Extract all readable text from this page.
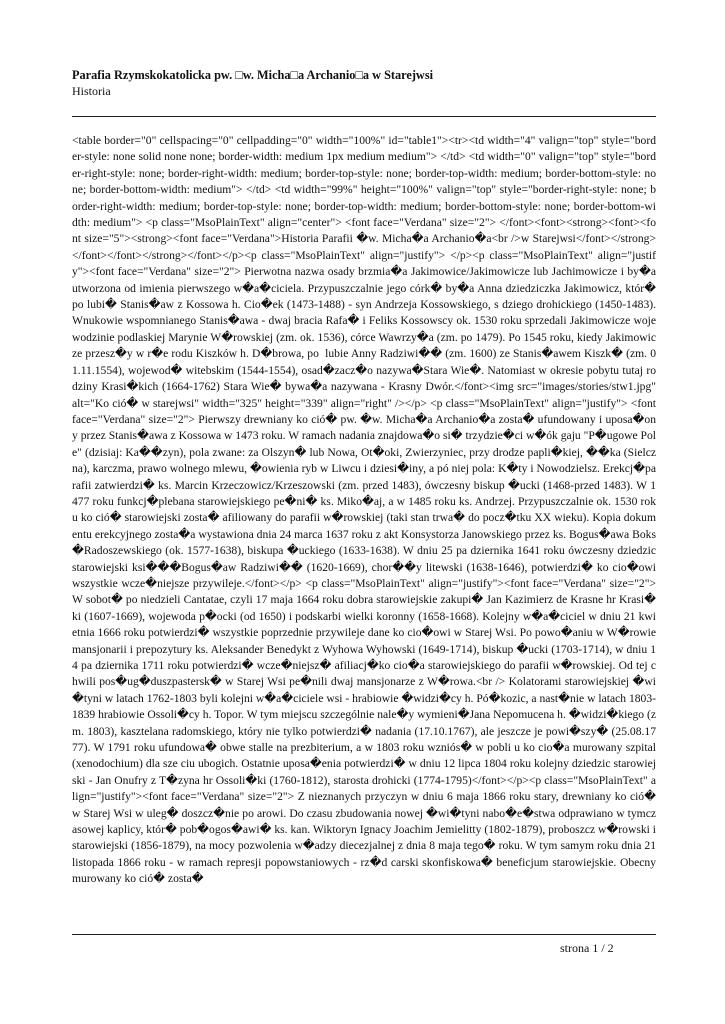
Parafia Rzymskokatolicka pw. □w. Micha□a Archanio□a w Starejwsi
Historia
<table border="0" cellspacing="0" cellpadding="0" width="100%" id="table1"><tr><td width="4" valign="top" style="border-style: none solid none none; border-width: medium 1px medium medium"> </td> <td width="0" valign="top" style="border-right-style: none; border-right-width: medium; border-top-style: none; border-top-width: medium; border-bottom-style: none; border-bottom-width: medium"> </td> <td width="99%" height="100%" valign="top" style="border-right-style: none; border-right-width: medium; border-top-style: none; border-top-width: medium; border-bottom-style: none; border-bottom-width: medium"> <p class="MsoPlainText" align="center"> <font face="Verdana" size="2"> </font><font><strong><font><font size="5"><strong><font face="Verdana">Historia Parafii �w. Micha�a Archanio�a<br />w Starejwsi</font></strong></font></font></strong></font></p><p class="MsoPlainText" align="justify"> </p><p class="MsoPlainText" align="justify"><font face="Verdana" size="2"> Pierwotna nazwa osady brzmia�a Jakimowice/Jakimowicze lub Jachimowicze i by�a utworzona od imienia pierwszego w�a�ciciela. Przypuszczalnie jego córk� by�a Anna dziedziczka Jakimowicz, któr� po lubi� Stanis�aw z Kossowa h. Cio�ek (1473-1488) - syn Andrzeja Kossowskiego, s dziego drohickiego (1450-1483). Wnukowie wspomnianego Stanis�awa - dwaj bracia Rafa� i Feliks Kossowscy ok. 1530 roku sprzedali Jakimowicze wojewodzinie podlaskiej Marynie W�rowskiej (zm. ok. 1536), córce Wawrzy�a (zm. po 1479). Po 1545 roku, kiedy Jakimowicze przesz�y w r�e rodu Kiszków h. D�browa, po  lubie Anny Radziwi�� (zm. 1600) ze Stanis�awem Kiszk� (zm. 01.11.1554), wojewod� witebskim (1544-1554), osad�zacz�o nazywa�Stara Wie�. Natomiast w okresie pobytu tutaj rodziny Krasi�kich (1664-1762) Stara Wie� bywa�a nazywana - Krasny Dwór.</font><img src="images/stories/stw1.jpg" alt="Ko ció� w starejwsi" width="325" height="339" align="right" /></p> <p class="MsoPlainText" align="justify"> <font face="Verdana" size="2"> Pierwszy drewniany ko ció� pw. �w. Micha�a Archanio�a zosta� ufundowany i uposa�ony przez Stanis�awa z Kossowa w 1473 roku. W ramach nadania znajdowa�o si� trzydzie�ci w�ók gaju "P�ugowe Pole" (dzisiaj: Ka��zyn), pola zwane: za Olszyn� lub Nowa, Ot�oki, Zwierzyniec, przy drodze papli�kiej, ��ka (Sielczna), karczma, prawo wolnego mlewu, �owienia ryb w Liwcu i dziesi�iny, a pó niej pola: K�ty i Nowodzielsz. Erekcj�parafii zatwierdzi� ks. Marcin Krzeczowicz/Krzeszowski (zm. przed 1483), ówczesny biskup �ucki (1468-przed 1483). W 1477 roku funkcj�plebana starowiejskiego pe�ni� ks. Miko�aj, a w 1485 roku ks. Andrzej. Przypuszczalnie ok. 1530 roku ko ció� starowiejski zosta� afiliowany do parafii w�rowskiej (taki stan trwa� do pocz�tku XX wieku). Kopia dokumentu erekcyjnego zosta�a wystawiona dnia 24 marca 1637 roku z akt Konsystorza Janowskiego przez ks. Bogus�awa Boks�Radoszewskiego (ok. 1577-1638), biskupa �uckiego (1633-1638). W dniu 25 pa dziernika 1641 roku ówczesny dziedzic starowiejski ksi���Bogus�aw Radziwi�� (1620-1669), chor��y litewski (1638-1646), potwierdzi� ko cio�owi wszystkie wcze�niejsze przywileje.</font></p> <p class="MsoPlainText" align="justify"><font face="Verdana" size="2"> W sobot� po niedzieli Cantatae, czyli 17 maja 1664 roku dobra starowiejskie zakupi� Jan Kazimierz de Krasne hr Krasi�ki (1607-1669), wojewoda p�ocki (od 1650) i podskarbi wielki koronny (1658-1668). Kolejny w�a�ciciel w dniu 21 kwietnia 1666 roku potwierdzi� wszystkie poprzednie przywileje dane ko cio�owi w Starej Wsi. Po powo�aniu w W�rowie mansjonarii i prepozytury ks. Aleksander Benedykt z Wyhowa Wyhowski (1649-1714), biskup �ucki (1703-1714), w dniu 14 pa dziernika 1711 roku potwierdzi� wcze�niejsz� afiliacj�ko cio�a starowiejskiego do parafii w�rowskiej. Od tej chwili pos�ug�duszpastersk� w Starej Wsi pe�nili dwaj mansjonarze z W�rowa.<br /> Kolatorami starowiejskiej �wi�tyni w latach 1762-1803 byli kolejni w�a�ciciele wsi - hrabiowie �widzi�cy h. Pó�kozic, a nast�nie w latach 1803-1839 hrabiowie Ossoli�cy h. Topor. W tym miejscu szczególnie nale�y wymieni�Jana Nepomucena h. �widzi�kiego (zm. 1803), kasztelana radomskiego, który nie tylko potwierdzi� nadania (17.10.1767), ale jeszcze je powi�szy� (25.08.1777). W 1791 roku ufundowa� obwe stalle na prezbiterium, a w 1803 roku wzniós� w pobli u ko cio�a murowany szpital (xenodochium) dla sze ciu ubogich. Ostatnie uposa�enia potwierdzi� w dniu 12 lipca 1804 roku kolejny dziedzic starowiejski - Jan Onufry z T�zyna hr Ossoli�ki (1760-1812), starosta drohicki (1774-1795)</font></p><p class="MsoPlainText" align="justify"><font face="Verdana" size="2"> Z nieznanych przyczyn w dniu 6 maja 1866 roku stary, drewniany ko ció� w Starej Wsi w uleg� doszcz�nie po arowi. Do czasu zbudowania nowej �wi�tyni nabo�e�stwa odprawiano w tymczasowej kaplicy, któr� pob�ogos�awi� ks. kan. Wiktoryn Ignacy Joachim Jemielitty (1802-1879), proboszcz w�rowski i starowiejski (1856-1879), na mocy pozwolenia w�adzy diecezjalnej z dnia 8 maja tego� roku. W tym samym roku dnia 21 listopada 1866 roku - w ramach represji popowstaniowych - rz�d carski skonfiskowa� beneficjum starowiejskie. Obecny murowany ko ció� zosta�
strona 1 / 2
